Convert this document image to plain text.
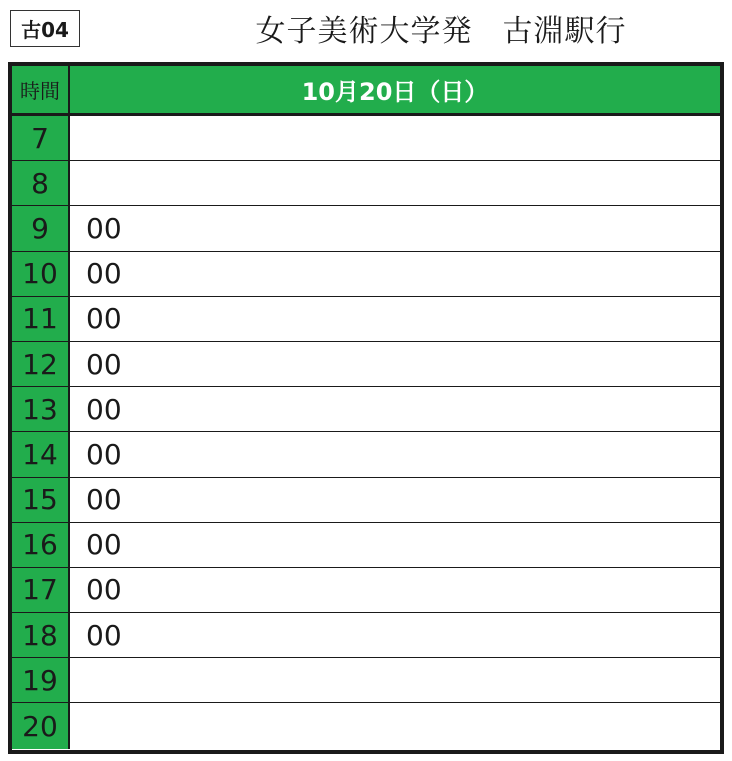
古04	女子美術大学発 古淵駅行
時間	10月20日（日）
7
8
9	00
10	00
11	00
12	00
13	00
14	00
15	00
16	00
17	00
18	00
19
20
